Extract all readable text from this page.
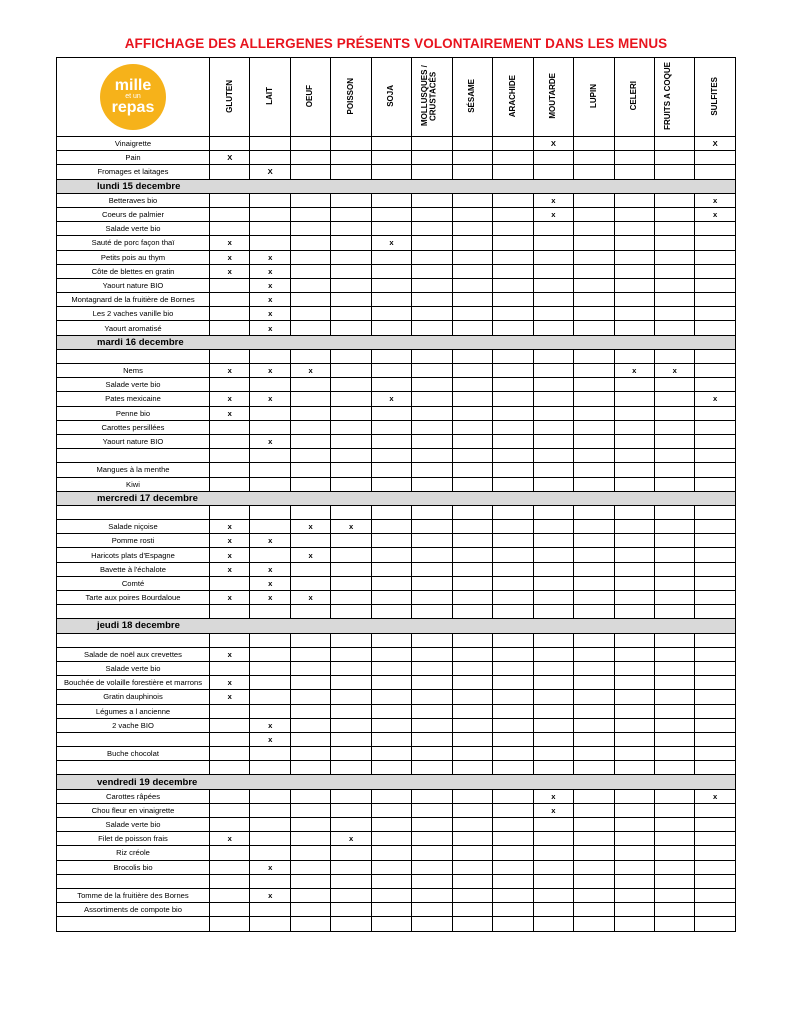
AFFICHAGE DES ALLERGENES PRÉSENTS VOLONTAIREMENT DANS LES MENUS
mille
et un
repas	GLUTEN	LAIT	OEUF	POISSON	SOJA	MOLLUSQUES / CRUSTACÉS	SÉSAME	ARACHIDE	MOUTARDE	LUPIN	CELERI	FRUITS A COQUE	SULFITES
Vinaigrette									X				X
Pain	X												
Fromages et laitages		X											
lundi 15 decembre													
Betteraves bio									x				x
Coeurs de palmier									x				x
Salade verte bio													
Sauté de porc façon thaï	x				x								
Petits pois au thym	x	x											
Côte de blettes en gratin	x	x											
Yaourt nature BIO		x											
Montagnard de la fruitière de Bornes		x											
Les 2 vaches vanille bio		x											
Yaourt aromatisé		x											
mardi 16 decembre													

Nems	x	x	x								x	x	
Salade verte bio													
Pates mexicaine	x	x			x								x
Penne bio	x												
Carottes persillées													
Yaourt nature BIO		x											

Mangues à la menthe													
Kiwi													
mercredi 17 decembre													

Salade niçoise	x		x	x									
Pomme rosti	x	x											
Haricots plats d'Espagne	x		x										
Bavette à l'échalote	x	x											
Comté		x											
Tarte aux poires Bourdaloue	x	x	x										

jeudi 18 decembre													

Salade de noël aux crevettes	x												
Salade verte bio													
Bouchée de volaille forestière et marrons	x												
Gratin dauphinois	x												
Légumes a l ancienne													
2 vache BIO		x											
		x											
Buche chocolat													

vendredi 19 decembre													
Carottes râpées									x				x
Chou fleur en vinaigrette									x				
Salade verte bio													
Filet de poisson frais	x			x									
Riz créole													
Brocolis bio		x											

Tomme de la fruitière des Bornes		x											
Assortiments de compote bio													
